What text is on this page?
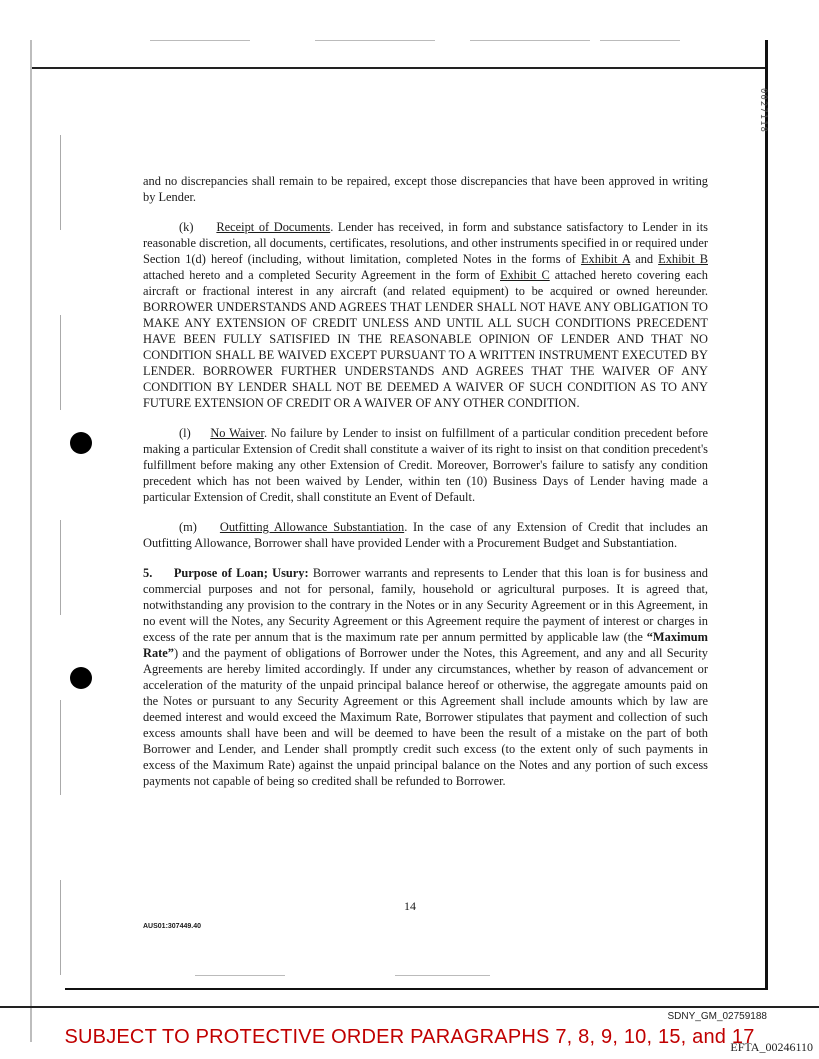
0027118

and no discrepancies shall remain to be repaired, except those discrepancies that have been approved in writing by Lender.

(k) Receipt of Documents. Lender has received, in form and substance satisfactory to Lender in its reasonable discretion, all documents, certificates, resolutions, and other instruments specified in or required under Section 1(d) hereof (including, without limitation, completed Notes in the forms of Exhibit A and Exhibit B attached hereto and a completed Security Agreement in the form of Exhibit C attached hereto covering each aircraft or fractional interest in any aircraft (and related equipment) to be acquired or owned hereunder. BORROWER UNDERSTANDS AND AGREES THAT LENDER SHALL NOT HAVE ANY OBLIGATION TO MAKE ANY EXTENSION OF CREDIT UNLESS AND UNTIL ALL SUCH CONDITIONS PRECEDENT HAVE BEEN FULLY SATISFIED IN THE REASONABLE OPINION OF LENDER AND THAT NO CONDITION SHALL BE WAIVED EXCEPT PURSUANT TO A WRITTEN INSTRUMENT EXECUTED BY LENDER. BORROWER FURTHER UNDERSTANDS AND AGREES THAT THE WAIVER OF ANY CONDITION BY LENDER SHALL NOT BE DEEMED A WAIVER OF SUCH CONDITION AS TO ANY FUTURE EXTENSION OF CREDIT OR A WAIVER OF ANY OTHER CONDITION.

(l) No Waiver. No failure by Lender to insist on fulfillment of a particular condition precedent before making a particular Extension of Credit shall constitute a waiver of its right to insist on that condition precedent's fulfillment before making any other Extension of Credit. Moreover, Borrower's failure to satisfy any condition precedent which has not been waived by Lender, within ten (10) Business Days of Lender having made a particular Extension of Credit, shall constitute an Event of Default.

(m) Outfitting Allowance Substantiation. In the case of any Extension of Credit that includes an Outfitting Allowance, Borrower shall have provided Lender with a Procurement Budget and Substantiation.

5. Purpose of Loan; Usury: Borrower warrants and represents to Lender that this loan is for business and commercial purposes and not for personal, family, household or agricultural purposes. It is agreed that, notwithstanding any provision to the contrary in the Notes or in any Security Agreement or in this Agreement, in no event will the Notes, any Security Agreement or this Agreement require the payment of interest or charges in excess of the rate per annum that is the maximum rate per annum permitted by applicable law (the “Maximum Rate”) and the payment of obligations of Borrower under the Notes, this Agreement, and any and all Security Agreements are hereby limited accordingly. If under any circumstances, whether by reason of advancement or acceleration of the maturity of the unpaid principal balance hereof or otherwise, the aggregate amounts paid on the Notes or pursuant to any Security Agreement or this Agreement shall include amounts which by law are deemed interest and would exceed the Maximum Rate, Borrower stipulates that payment and collection of such excess amounts shall have been and will be deemed to have been the result of a mistake on the part of both Borrower and Lender, and Lender shall promptly credit such excess (to the extent only of such payments in excess of the Maximum Rate) against the unpaid principal balance on the Notes and any portion of such excess payments not capable of being so credited shall be refunded to Borrower.

14
AUS01:307449.40
SDNY_GM_02759188
SUBJECT TO PROTECTIVE ORDER PARAGRAPHS 7, 8, 9, 10, 15, and 17
EFTA_00246110
